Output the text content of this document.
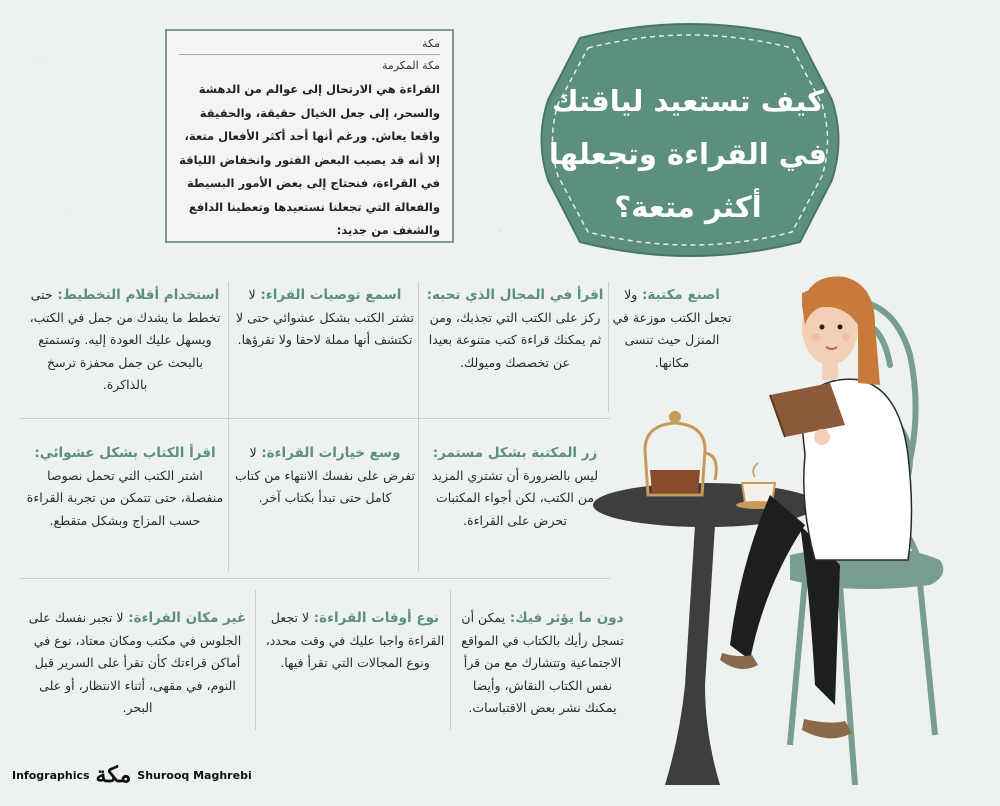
مكة
مكة المكرمة

القراءة هي الارتحال إلى عوالم من الدهشة والسحر، إلى جعل الخيال حقيقة، والحقيقة واقعا يعاش. ورغم أنها أحد أكثر الأفعال متعة، إلا أنه قد يصيب البعض الفتور وانخفاض اللياقة في القراءة، فنحتاج إلى بعض الأمور البسيطة والفعالة التي تجعلنا نستعيدها وتعطينا الدافع والشغف من جديد:

كيف تستعيد لياقتك
في القراءة وتجعلها
أكثر متعة؟
اصنع مكتبة: ولا تجعل الكتب موزعة في المنزل حيث تنسى مكانها.
اقرأ في المجال الذي تحبه: ركز على الكتب التي تجذبك، ومن ثم يمكنك قراءة كتب متنوعة بعيدا عن تخصصك وميولك.
اسمع توصيات القراء: لا تشتر الكتب بشكل عشوائي حتى لا تكتشف أنها مملة لاحقا ولا تقرؤها.
استخدام أقلام التخطيط: حتى تخطط ما يشدك من جمل في الكتب، ويسهل عليك العودة إليه. وتستمتع بالبحث عن جمل محفزة ترسخ بالذاكرة.
زر المكتبة بشكل مستمر: ليس بالضرورة أن تشتري المزيد من الكتب، لكن أجواء المكتبات تحرض على القراءة.
وسع خيارات القراءة: لا تفرض على نفسك الانتهاء من كتاب كامل حتى تبدأ بكتاب آخر.
اقرأ الكتاب بشكل عشوائي: اشتر الكتب التي تحمل نصوصا منفصلة، حتى تتمكن من تجربة القراءة حسب المزاج وبشكل متقطع.
دون ما يؤثر فيك: يمكن أن تسجل رأيك بالكتاب في المواقع الاجتماعية وتتشارك مع من قرأ نفس الكتاب النقاش، وأيضا يمكنك نشر بعض الاقتباسات.
نوع أوقات القراءة: لا تجعل القراءة واجبا عليك في وقت محدد، ونوع المجالات التي تقرأ فيها.
غير مكان القراءة: لا تجبر نفسك على الجلوس في مكتب ومكان معتاد، نوع في أماكن قراءتك كأن تقرأ على السرير قبل النوم، في مقهى، أثناء الانتظار، أو على البحر.
Infographics مكة Shurooq Maghrebi
